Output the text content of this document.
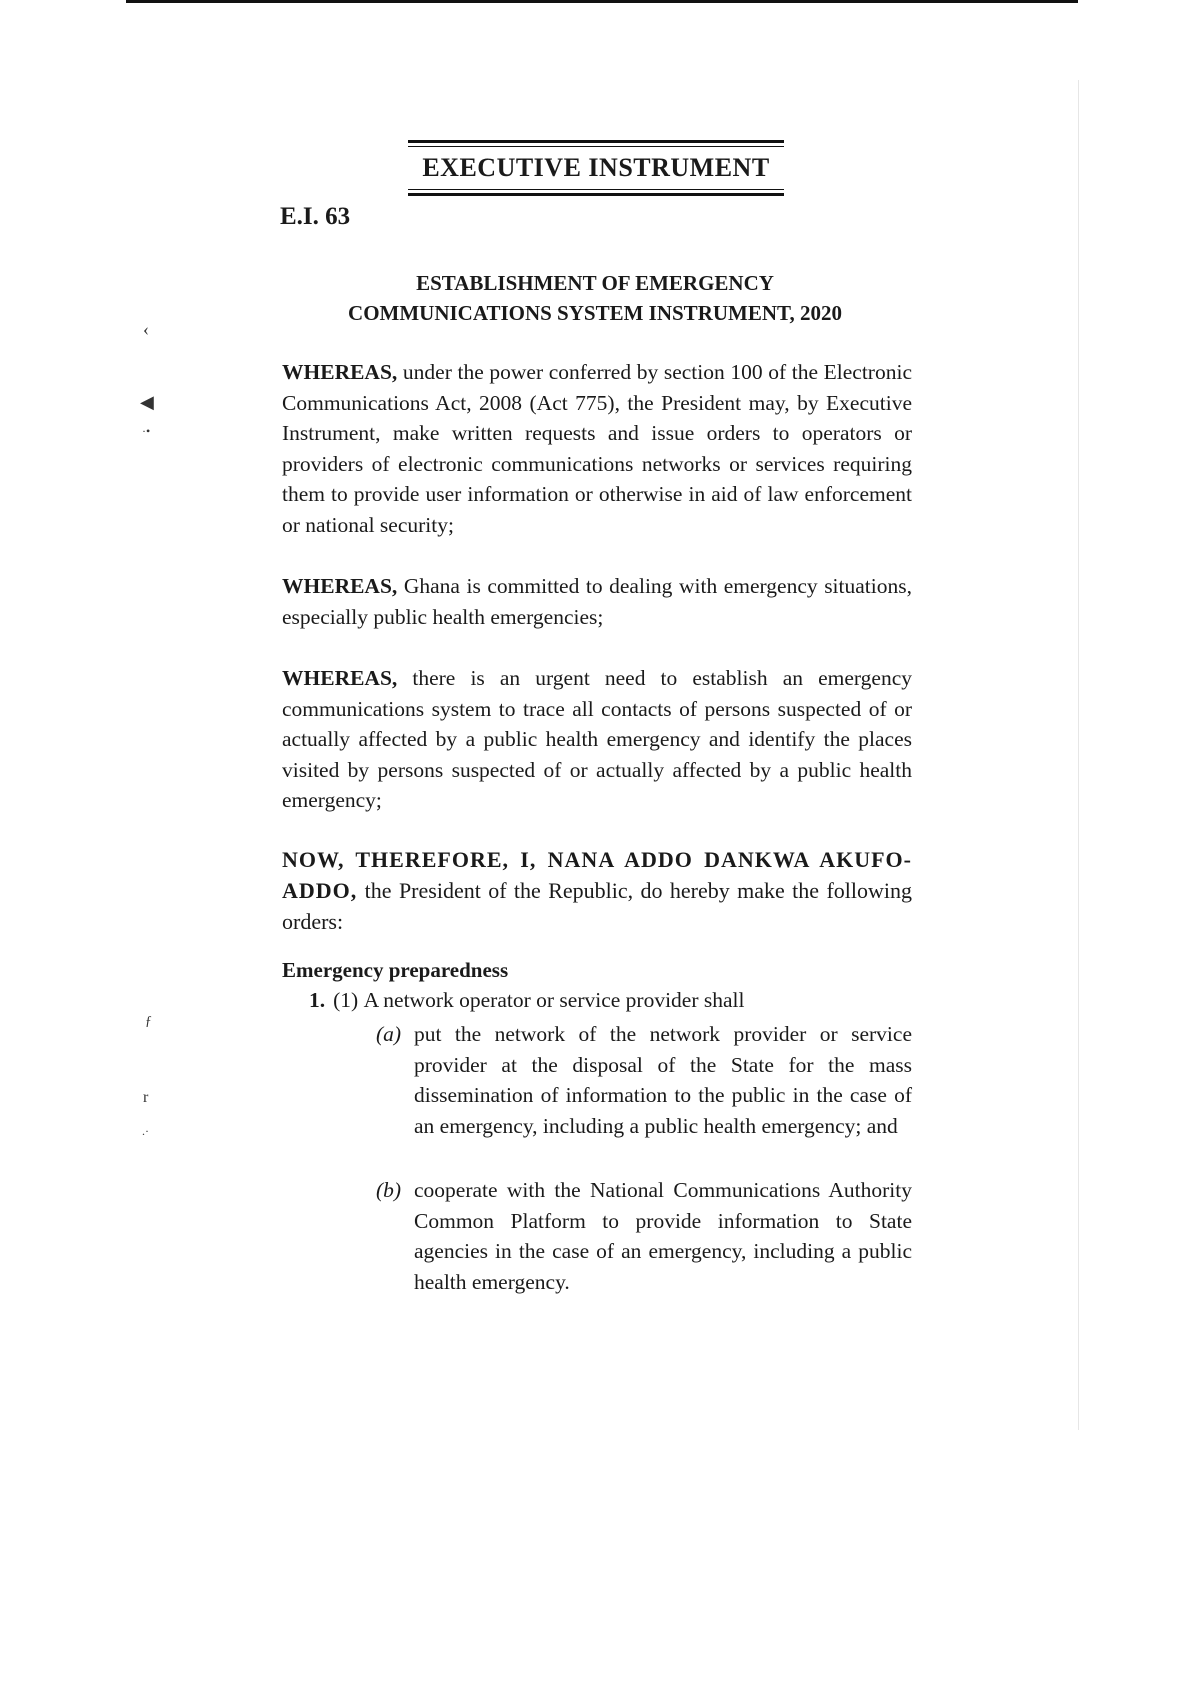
‹
◀
·•
ƒ
r
.·
EXECUTIVE INSTRUMENT
E.I. 63
ESTABLISHMENT OF EMERGENCY
COMMUNICATIONS SYSTEM INSTRUMENT, 2020
WHEREAS, under the power conferred by section 100 of the Electronic Communications Act, 2008 (Act 775), the President may, by Executive Instrument, make written requests and issue orders to operators or providers of electronic communications networks or services requiring them to provide user information or otherwise in aid of law enforcement or national security;
WHEREAS, Ghana is committed to dealing with emergency situations, especially public health emergencies;
WHEREAS, there is an urgent need to establish an emergency communications system to trace all contacts of persons suspected of or actually affected by a public health emergency and identify the places visited by persons suspected of or actually affected by a public health emergency;
NOW, THEREFORE, I, NANA ADDO DANKWA AKUFO-ADDO, the President of the Republic, do hereby make the following orders:
Emergency preparedness
1. (1) A network operator or service provider shall
(a) put the network of the network provider or service provider at the disposal of the State for the mass dissemination of information to the public in the case of an emergency, including a public health emergency; and
(b) cooperate with the National Communications Authority Common Platform to provide information to State agencies in the case of an emergency, including a public health emergency.
